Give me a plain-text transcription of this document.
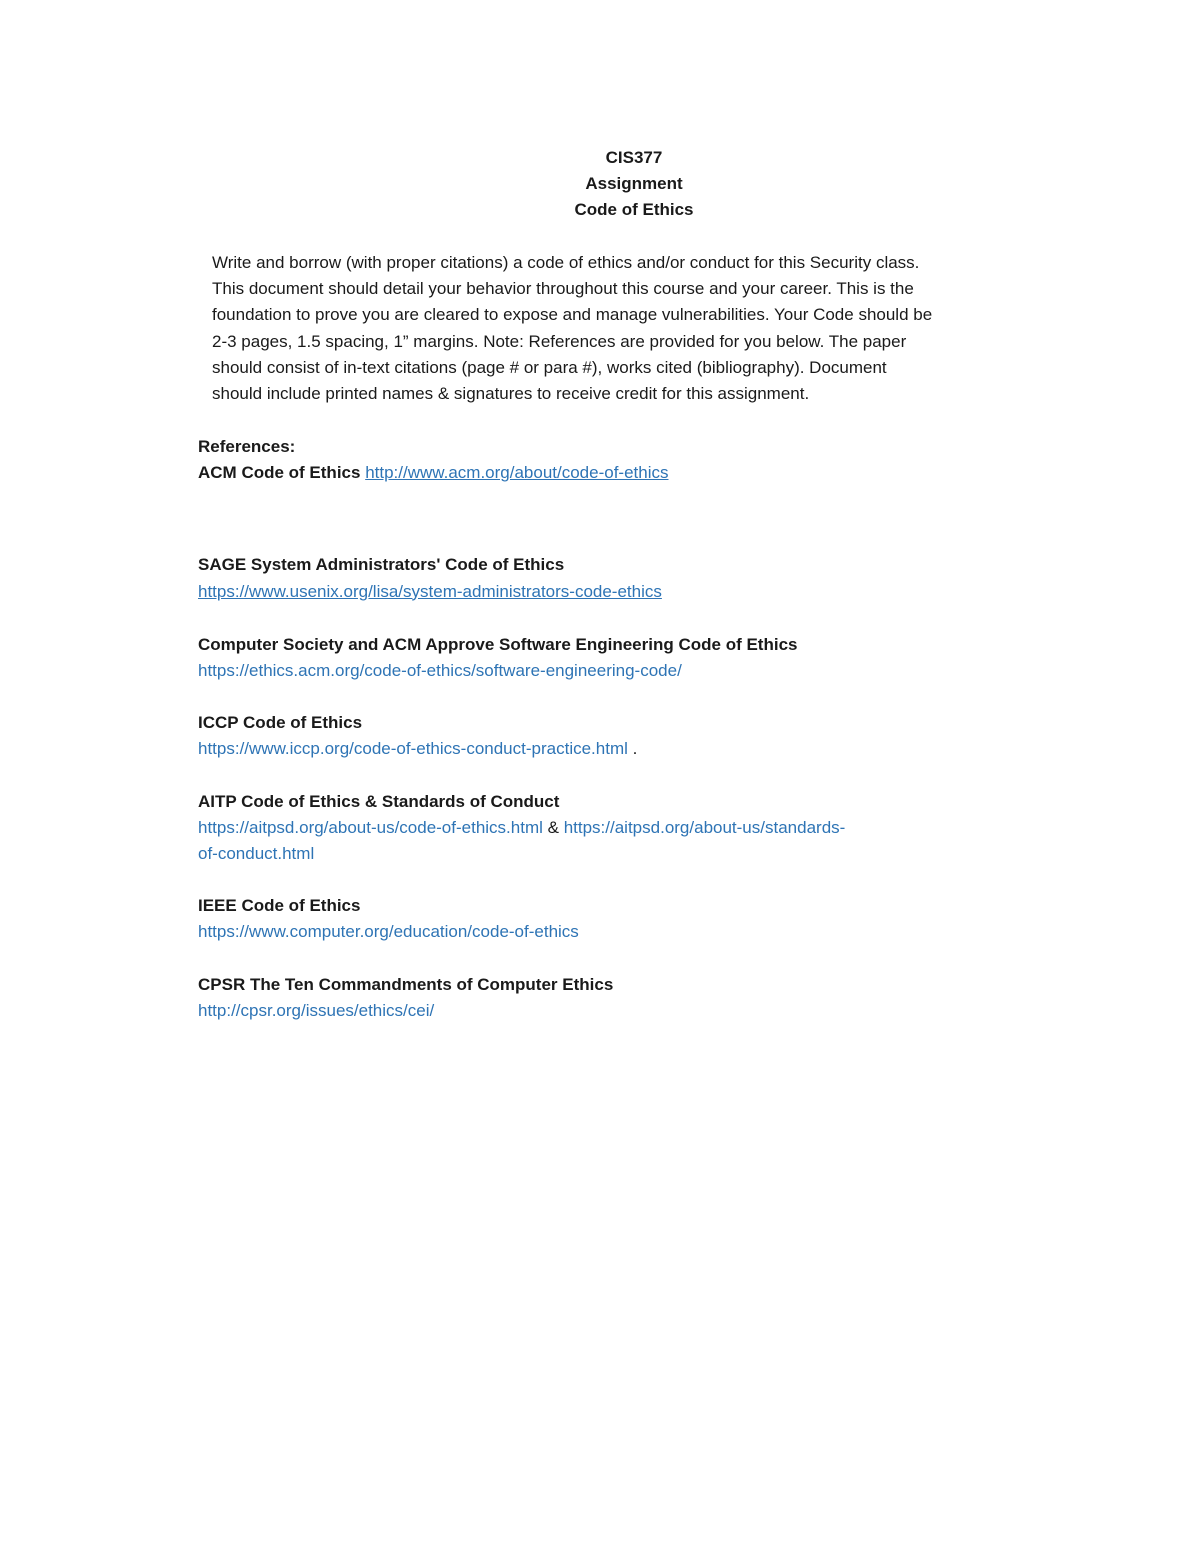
CIS377
Assignment
Code of Ethics
Write and borrow (with proper citations) a code of ethics and/or conduct for this Security class.
This document should detail your behavior throughout this course and your career. This is the
foundation to prove you are cleared to expose and manage vulnerabilities. Your Code should be
2-3 pages, 1.5 spacing, 1” margins. Note: References are provided for you below. The paper
should consist of in-text citations (page # or para #), works cited (bibliography). Document
should include printed names & signatures to receive credit for this assignment.
References:
ACM Code of Ethics http://www.acm.org/about/code-of-ethics
SAGE System Administrators' Code of Ethics
https://www.usenix.org/lisa/system-administrators-code-ethics
Computer Society and ACM Approve Software Engineering Code of Ethics
https://ethics.acm.org/code-of-ethics/software-engineering-code/
ICCP Code of Ethics
https://www.iccp.org/code-of-ethics-conduct-practice.html .
AITP Code of Ethics & Standards of Conduct
https://aitpsd.org/about-us/code-of-ethics.html & https://aitpsd.org/about-us/standards-
of-conduct.html
IEEE Code of Ethics
https://www.computer.org/education/code-of-ethics
CPSR The Ten Commandments of Computer Ethics
http://cpsr.org/issues/ethics/cei/
